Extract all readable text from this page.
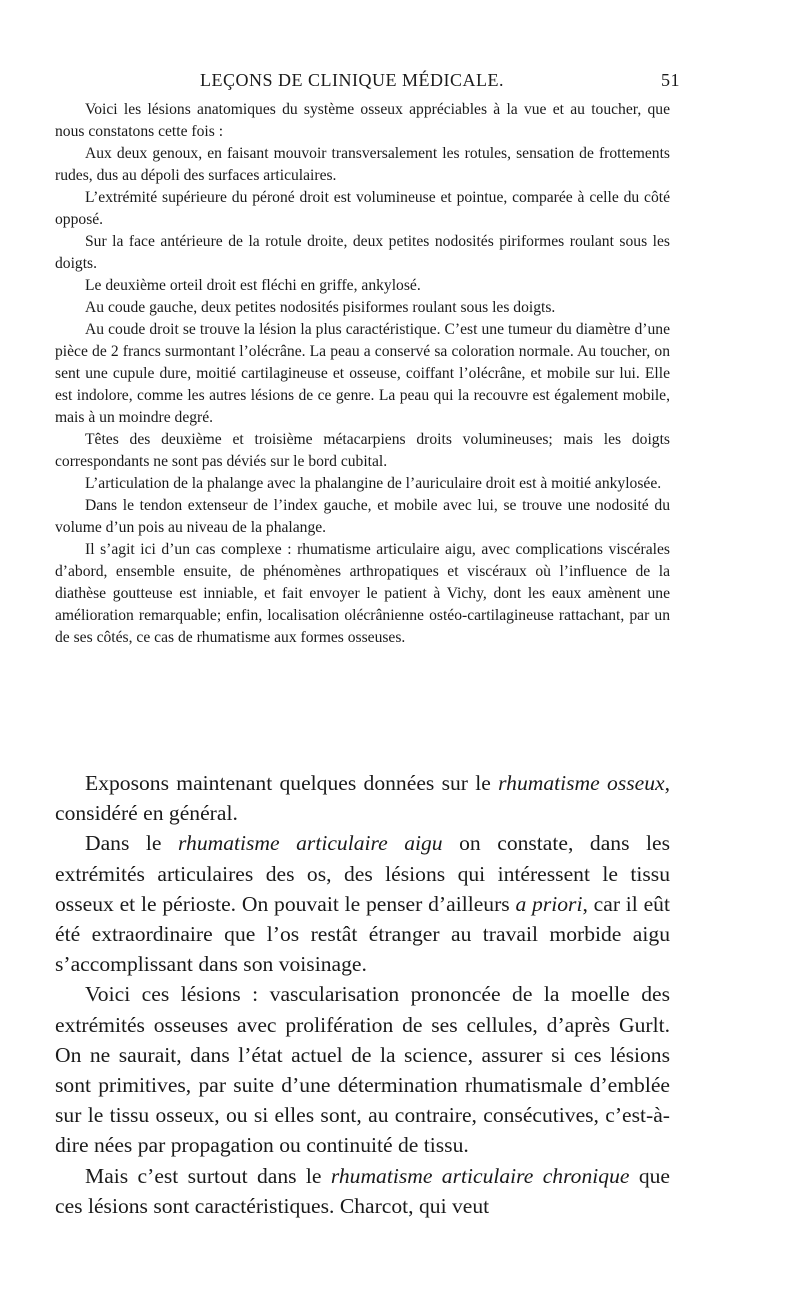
LEÇONS DE CLINIQUE MÉDICALE.	51

Voici les lésions anatomiques du système osseux appréciables à la vue et au toucher, que nous constatons cette fois :

Aux deux genoux, en faisant mouvoir transversalement les rotules, sensation de frottements rudes, dus au dépoli des surfaces articulaires.

L’extrémité supérieure du péroné droit est volumineuse et pointue, comparée à celle du côté opposé.

Sur la face antérieure de la rotule droite, deux petites nodosités piriformes roulant sous les doigts.

Le deuxième orteil droit est fléchi en griffe, ankylosé.

Au coude gauche, deux petites nodosités pisiformes roulant sous les doigts.

Au coude droit se trouve la lésion la plus caractéristique. C’est une tumeur du diamètre d’une pièce de 2 francs surmontant l’olécrâne. La peau a conservé sa coloration normale. Au toucher, on sent une cupule dure, moitié cartilagineuse et osseuse, coiffant l’olécrâne, et mobile sur lui. Elle est indolore, comme les autres lésions de ce genre. La peau qui la recouvre est également mobile, mais à un moindre degré.

Têtes des deuxième et troisième métacarpiens droits volumineuses; mais les doigts correspondants ne sont pas déviés sur le bord cubital.

L’articulation de la phalange avec la phalangine de l’auriculaire droit est à moitié ankylosée.

Dans le tendon extenseur de l’index gauche, et mobile avec lui, se trouve une nodosité du volume d’un pois au niveau de la phalange.

Il s’agit ici d’un cas complexe : rhumatisme articulaire aigu, avec complications viscérales d’abord, ensemble ensuite, de phénomènes arthropatiques et viscéraux où l’influence de la diathèse goutteuse est inniable, et fait envoyer le patient à Vichy, dont les eaux amènent une amélioration remarquable; enfin, localisation olécrânienne ostéo-cartilagineuse rattachant, par un de ses côtés, ce cas de rhumatisme aux formes osseuses.

Exposons maintenant quelques données sur le rhumatisme osseux, considéré en général.

Dans le rhumatisme articulaire aigu on constate, dans les extrémités articulaires des os, des lésions qui intéressent le tissu osseux et le périoste. On pouvait le penser d’ailleurs a priori, car il eût été extraordinaire que l’os restât étranger au travail morbide aigu s’accomplissant dans son voisinage.

Voici ces lésions : vascularisation prononcée de la moelle des extrémités osseuses avec prolifération de ses cellules, d’après Gurlt. On ne saurait, dans l’état actuel de la science, assurer si ces lésions sont primitives, par suite d’une détermination rhumatismale d’emblée sur le tissu osseux, ou si elles sont, au contraire, consécutives, c’est-à-dire nées par propagation ou continuité de tissu.

Mais c’est surtout dans le rhumatisme articulaire chronique que ces lésions sont caractéristiques. Charcot, qui veut
